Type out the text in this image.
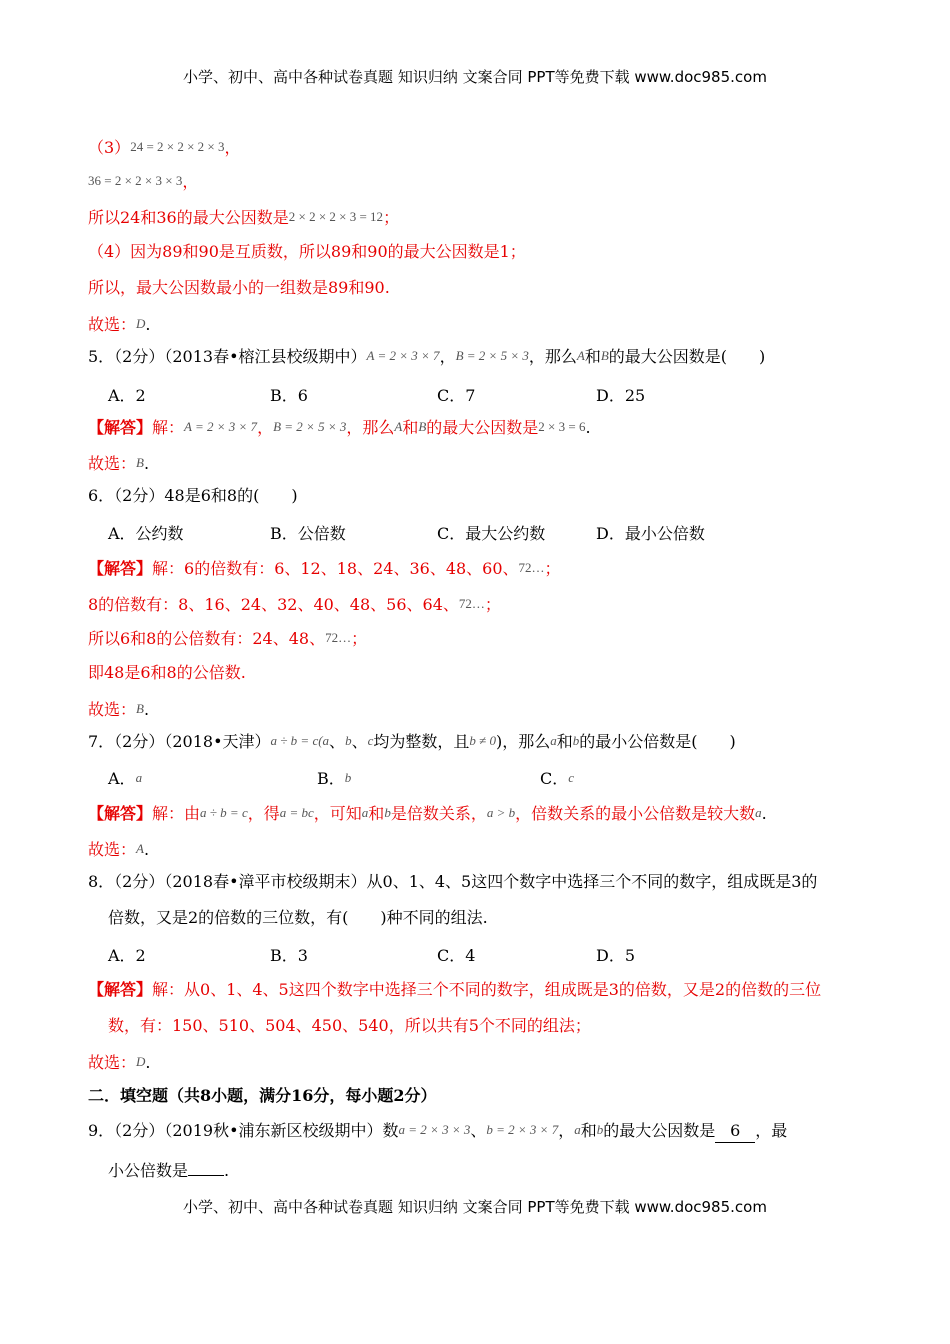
小学、初中、高中各种试卷真题 知识归纳 文案合同 PPT等免费下载 www.doc985.com
（3）24 = 2 × 2 × 2 × 3，
36 = 2 × 2 × 3 × 3，
所以24和36的最大公因数是2 × 2 × 2 × 3 = 12；
（4）因为89和90是互质数，所以89和90的最大公因数是1；
所以，最大公因数最小的一组数是89和90.
故选：D.
5．（2分）（2013春•榕江县校级期中）A = 2 × 3 × 7，B = 2 × 5 × 3，那么A和B的最大公因数是(　　)
A．2	B．6	C．7	D．25
【解答】解：A = 2 × 3 × 7，B = 2 × 5 × 3，那么A和B的最大公因数是2 × 3 = 6.
故选：B.
6．（2分）48是6和8的(　　)
A．公约数	B．公倍数	C．最大公约数	D．最小公倍数
【解答】解：6的倍数有：6、12、18、24、36、48、60、72…；
8的倍数有：8、16、24、32、40、48、56、64、72…；
所以6和8的公倍数有：24、48、72…；
即48是6和8的公倍数.
故选：B.
7．（2分）（2018•天津）a ÷ b = c(a、b、c均为整数，且b ≠ 0)，那么a和b的最小公倍数是(　　)
A．a	B．b	C．c
【解答】解：由a ÷ b = c，得a = bc，可知a和b是倍数关系，a > b，倍数关系的最小公倍数是较大数a.
故选：A.
8．（2分）（2018春•漳平市校级期末）从0、1、4、5这四个数字中选择三个不同的数字，组成既是3的
倍数，又是2的倍数的三位数，有(　　)种不同的组法.
A．2	B．3	C．4	D．5
【解答】解：从0、1、4、5这四个数字中选择三个不同的数字，组成既是3的倍数，又是2的倍数的三位
数，有：150、510、504、450、540，所以共有5个不同的组法；
故选：D.
二．填空题（共8小题，满分16分，每小题2分）
9．（2分）（2019秋•浦东新区校级期中）数a = 2 × 3 × 3、b = 2 × 3 × 7，a和b的最大公因数是 6 ，最
小公倍数是 .
小学、初中、高中各种试卷真题 知识归纳 文案合同 PPT等免费下载 www.doc985.com
